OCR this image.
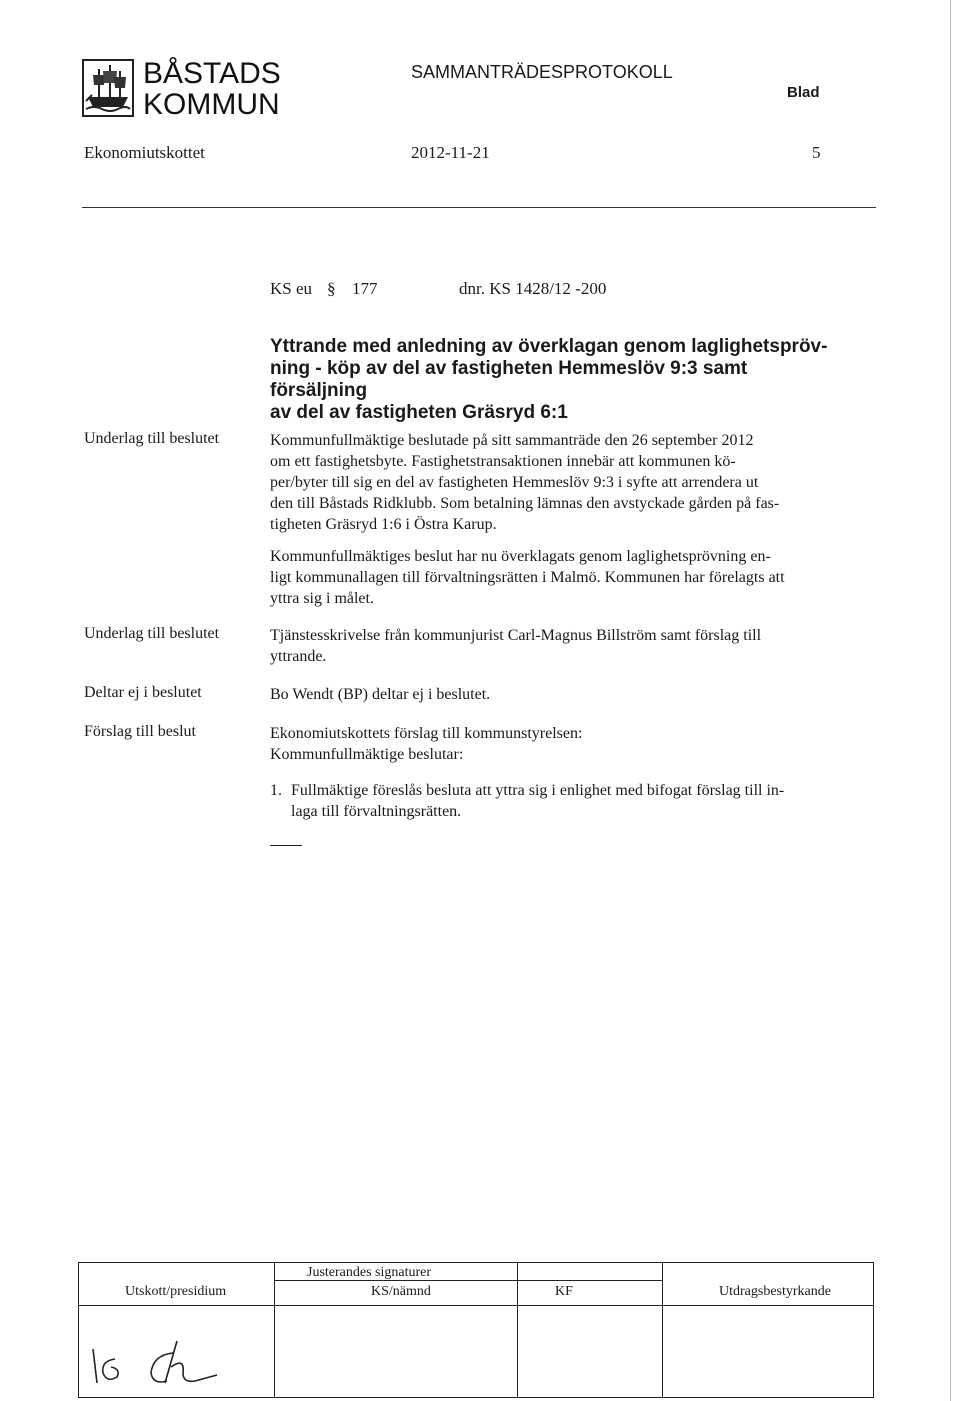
BÅSTADS
KOMMUN
SAMMANTRÄDESPROTOKOLL
Blad
Ekonomiutskottet	2012-11-21	5
KS eu § 177	dnr. KS 1428/12 -200
Yttrande med anledning av överklagan genom laglighetspröv-
ning - köp av del av fastigheten Hemmeslöv 9:3 samt försäljning
av del av fastigheten Gräsryd 6:1
Underlag till beslutet	Kommunfullmäktige beslutade på sitt sammanträde den 26 september 2012
om ett fastighetsbyte. Fastighetstransaktionen innebär att kommunen kö-
per/byter till sig en del av fastigheten Hemmeslöv 9:3 i syfte att arrendera ut
den till Båstads Ridklubb. Som betalning lämnas den avstyckade gården på fas-
tigheten Gräsryd 1:6 i Östra Karup.
Kommunfullmäktiges beslut har nu överklagats genom laglighetsprövning en-
ligt kommunallagen till förvaltningsrätten i Malmö. Kommunen har förelagts att
yttra sig i målet.
Underlag till beslutet	Tjänstesskrivelse från kommunjurist Carl-Magnus Billström samt förslag till
yttrande.
Deltar ej i beslutet	Bo Wendt (BP) deltar ej i beslutet.
Förslag till beslut	Ekonomiutskottets förslag till kommunstyrelsen:
Kommunfullmäktige beslutar:
1. Fullmäktige föreslås besluta att yttra sig i enlighet med bifogat förslag till in-
laga till förvaltningsrätten.
Justerandes signaturer
Utskott/presidium	KS/nämnd	KF	Utdragsbestyrkande
